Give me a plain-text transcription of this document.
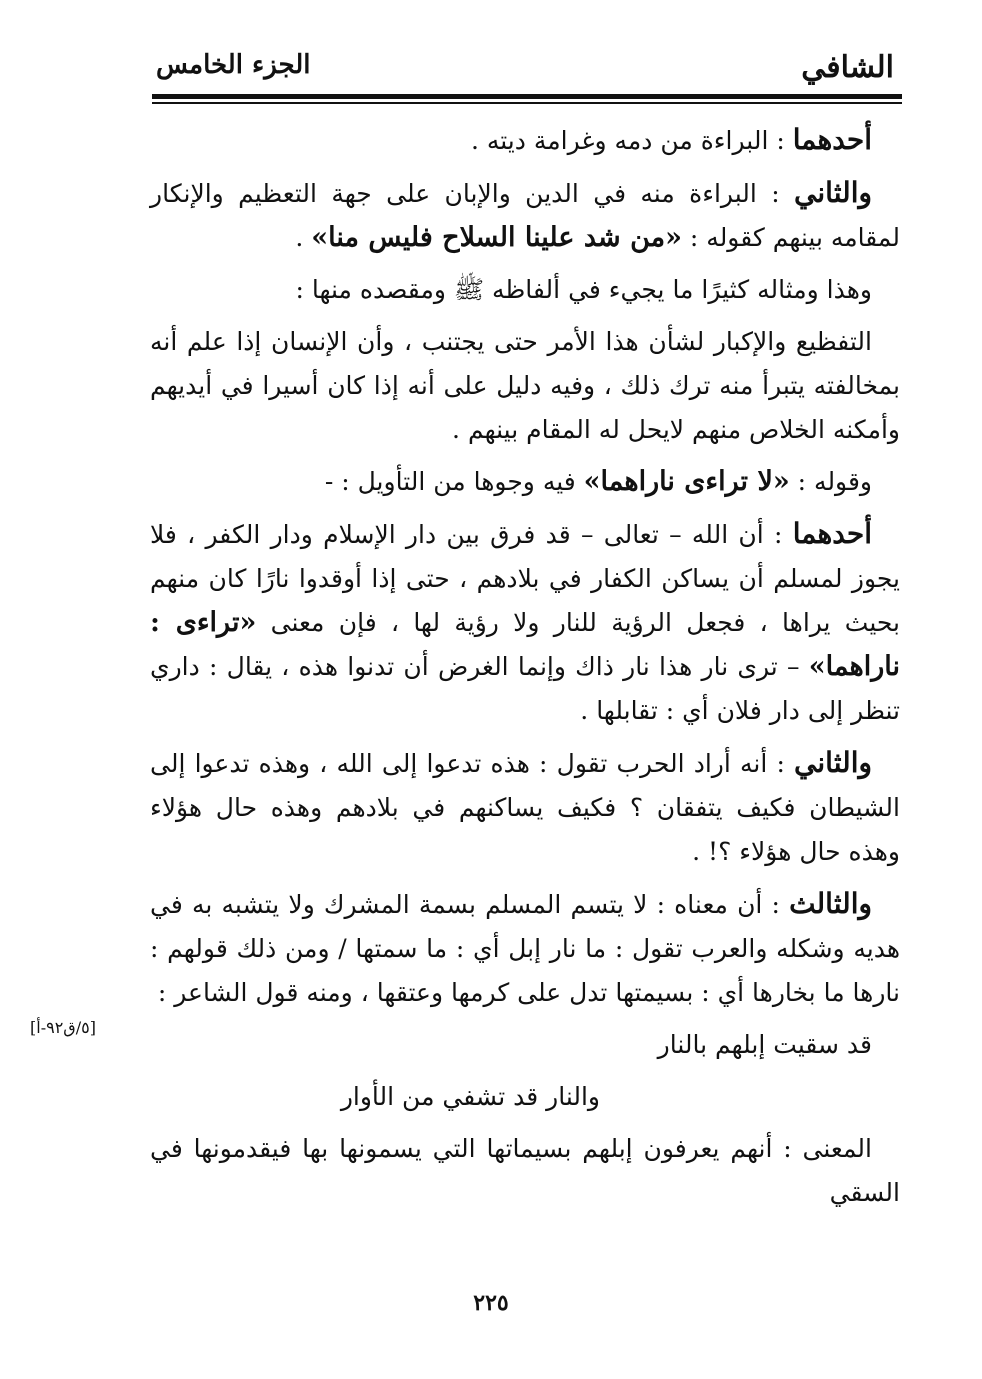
الشافي
الجزء الخامس

أحدهما : البراءة من دمه وغرامة ديته .

والثاني : البراءة منه في الدين والإبان على جهة التعظيم والإنكار لمقامه بينهم كقوله : «من شد علينا السلاح فليس منا» .

وهذا ومثاله كثيرًا ما يجيء في ألفاظه ﷺ ومقصده منها :

التفظيع والإكبار لشأن هذا الأمر حتى يجتنب ، وأن الإنسان إذا علم أنه بمخالفته يتبرأ منه ترك ذلك ، وفيه دليل على أنه إذا كان أسيرا في أيديهم وأمكنه الخلاص منهم لايحل له المقام بينهم .

وقوله : «لا تراءى ناراهما» فيه وجوها من التأويل : -

أحدهما : أن الله – تعالى – قد فرق بين دار الإسلام ودار الكفر ، فلا يجوز لمسلم أن يساكن الكفار في بلادهم ، حتى إذا أوقدوا نارًا كان منهم بحيث يراها ، فجعل الرؤية للنار ولا رؤية لها ، فإن معنى «تراءى : ناراهما» – ترى نار هذا نار ذاك وإنما الغرض أن تدنوا هذه ، يقال : داري تنظر إلى دار فلان أي : تقابلها .

والثاني : أنه أراد الحرب تقول : هذه تدعوا إلى الله ، وهذه تدعوا إلى الشيطان فكيف يتفقان ؟ فكيف يساكنهم في بلادهم وهذه حال هؤلاء وهذه حال هؤلاء ؟! .

والثالث : أن معناه : لا يتسم المسلم بسمة المشرك ولا يتشبه به في هديه وشكله والعرب تقول : ما نار إبل أي : ما سمتها / ومن ذلك قولهم : نارها ما بخارها أي : بسيمتها تدل على كرمها وعتقها ، ومنه قول الشاعر :

قد سقيت إبلهم بالنار

والنار قد تشفي من الأوار

المعنى : أنهم يعرفون إبلهم بسيماتها التي يسمونها بها فيقدمونها في السقي

[٥/ق٩٢-أ]
٢٢٥
